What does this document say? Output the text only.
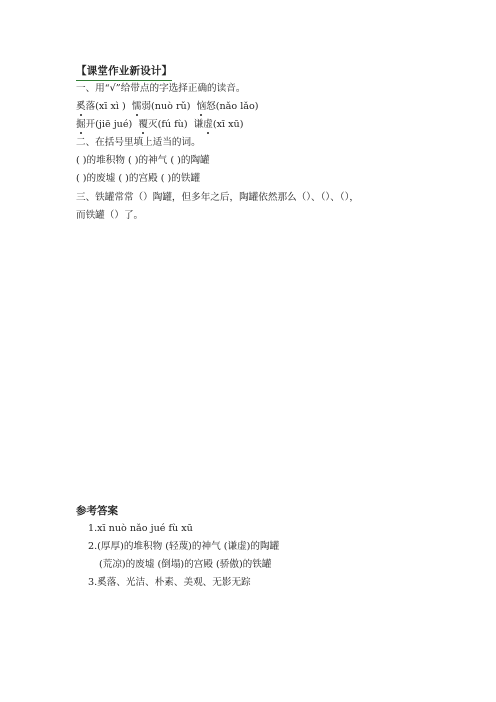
【课堂作业新设计】
一、用“√”给带点的字选择正确的读音。
奚落(xī xì ) 懦弱(nuò rǔ) 恼怒(nǎo lǎo)
掘开(jiē jué) 覆灭(fú fù) 谦虚(xī xū)
二、在括号里填上适当的词。
( )的堆积物 ( )的神气 ( )的陶罐
( )的废墟 ( )的宫殿 ( )的铁罐
三、铁罐常常（）陶罐，但多年之后，陶罐依然那么（）、（）、（），
而铁罐（）了。
参考答案
1.xī nuò nǎo jué fù xū
2.(厚厚)的堆积物 (轻蔑)的神气 (谦虚)的陶罐
(荒凉)的废墟 (倒塌)的宫殿 (骄傲)的铁罐
3.奚落、光洁、朴素、美观、无影无踪
